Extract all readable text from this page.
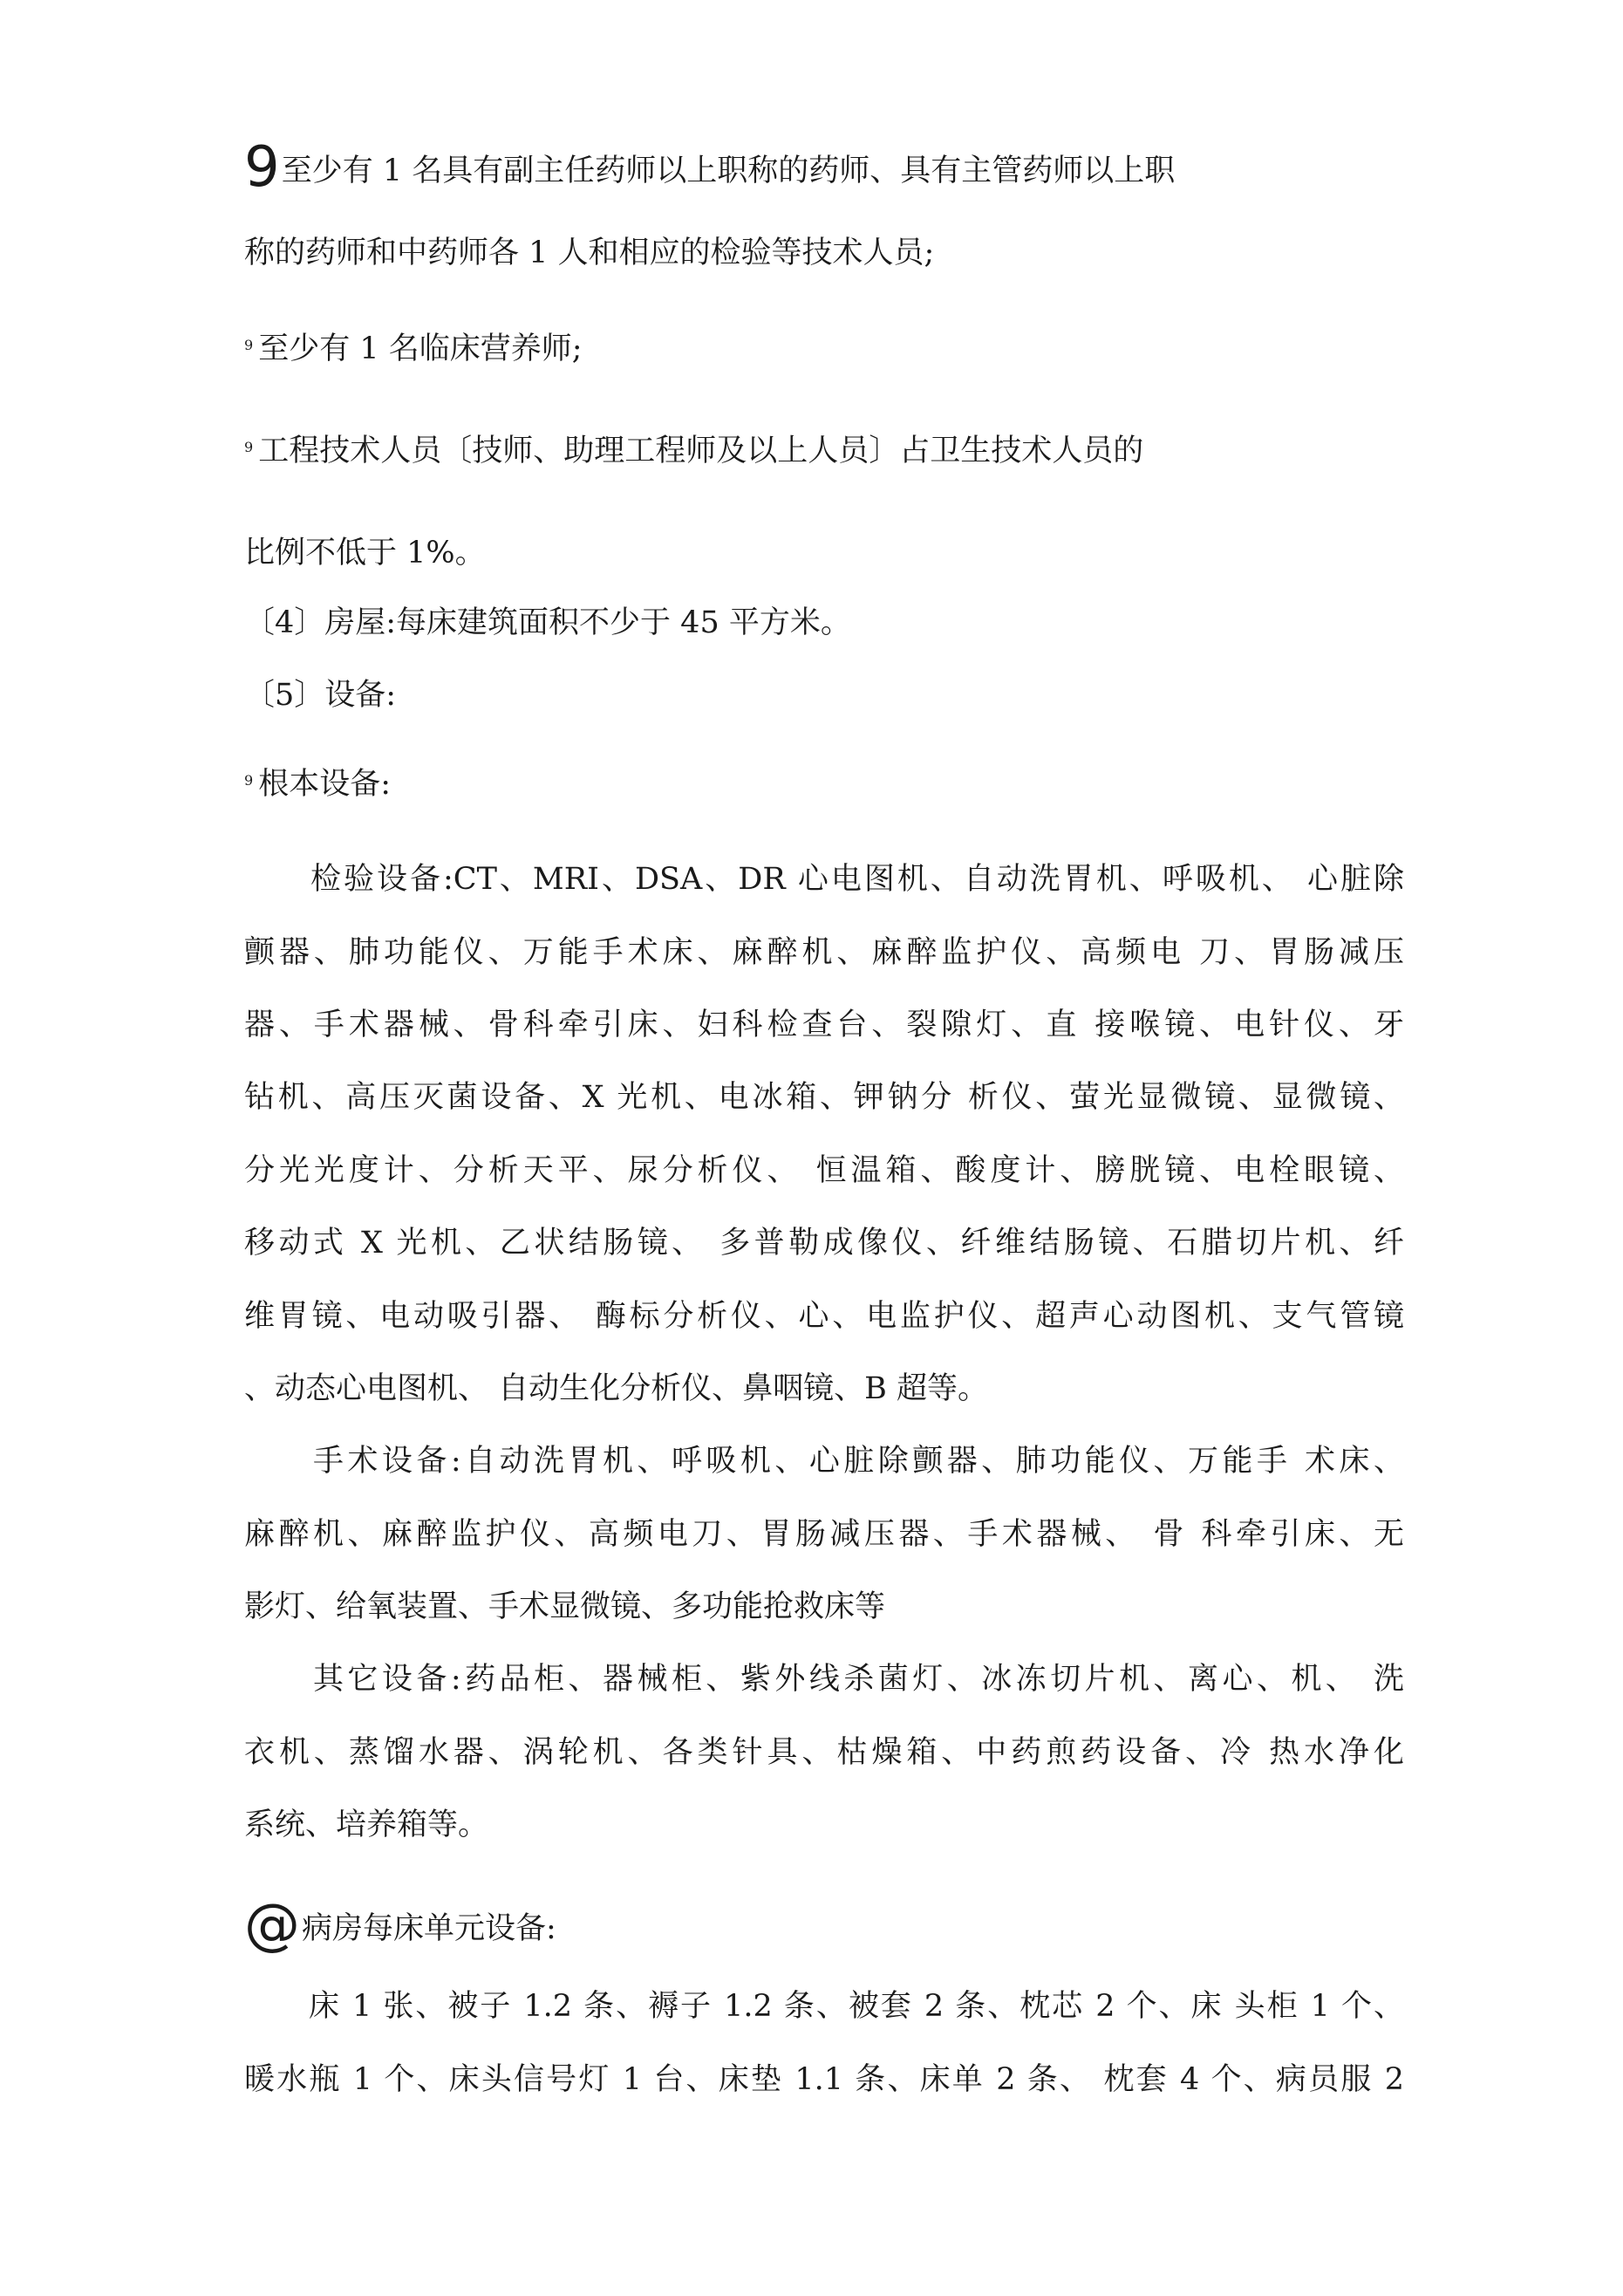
9至少有 1 名具有副主任药师以上职称的药师、具有主管药师以上职
称的药师和中药师各 1 人和相应的检验等技术人员;
$^9$ 至少有 1 名临床营养师;
$^9$ 工程技术人员〔技师、助理工程师及以上人员〕占卫生技术人员的
比例不低于 1%。
〔4〕房屋:每床建筑面积不少于 45 平方米。
〔5〕设备:
$^9$ 根本设备:
　　检验设备:CT、MRI、DSA、DR 心电图机、自动洗胃机、呼吸机、 心脏除
颤器、肺功能仪、万能手术床、麻醉机、麻醉监护仪、高频电 刀、胃肠减压
器、手术器械、骨科牵引床、妇科检查台、裂隙灯、直 接喉镜、电针仪、牙
钻机、高压灭菌设备、X 光机、电冰箱、钾钠分 析仪、萤光显微镜、显微镜、
分光光度计、分析天平、尿分析仪、 恒温箱、酸度计、膀胱镜、电栓眼镜、
移动式 X 光机、乙状结肠镜、 多普勒成像仪、纤维结肠镜、石腊切片机、纤
维胃镜、电动吸引器、 酶标分析仪、心、电监护仪、超声心动图机、支气管镜
、动态心电图机、 自动生化分析仪、鼻咽镜、B 超等。
　　手术设备:自动洗胃机、呼吸机、心脏除颤器、肺功能仪、万能手 术床、
麻醉机、麻醉监护仪、高频电刀、胃肠减压器、手术器械、 骨 科牵引床、无
影灯、给氧装置、手术显微镜、多功能抢救床等
　　其它设备:药品柜、器械柜、紫外线杀菌灯、冰冻切片机、离心、机、 洗
衣机、蒸馏水器、涡轮机、各类针具、枯燥箱、中药煎药设备、冷 热水净化
系统、培养箱等。
@病房每床单元设备:
　　床 1 张、被子 1.2 条、褥子 1.2 条、被套 2 条、枕芯 2 个、床 头柜 1 个、
暖水瓶 1 个、床头信号灯 1 台、床垫 1.1 条、床单 2 条、 枕套 4 个、病员服 2
